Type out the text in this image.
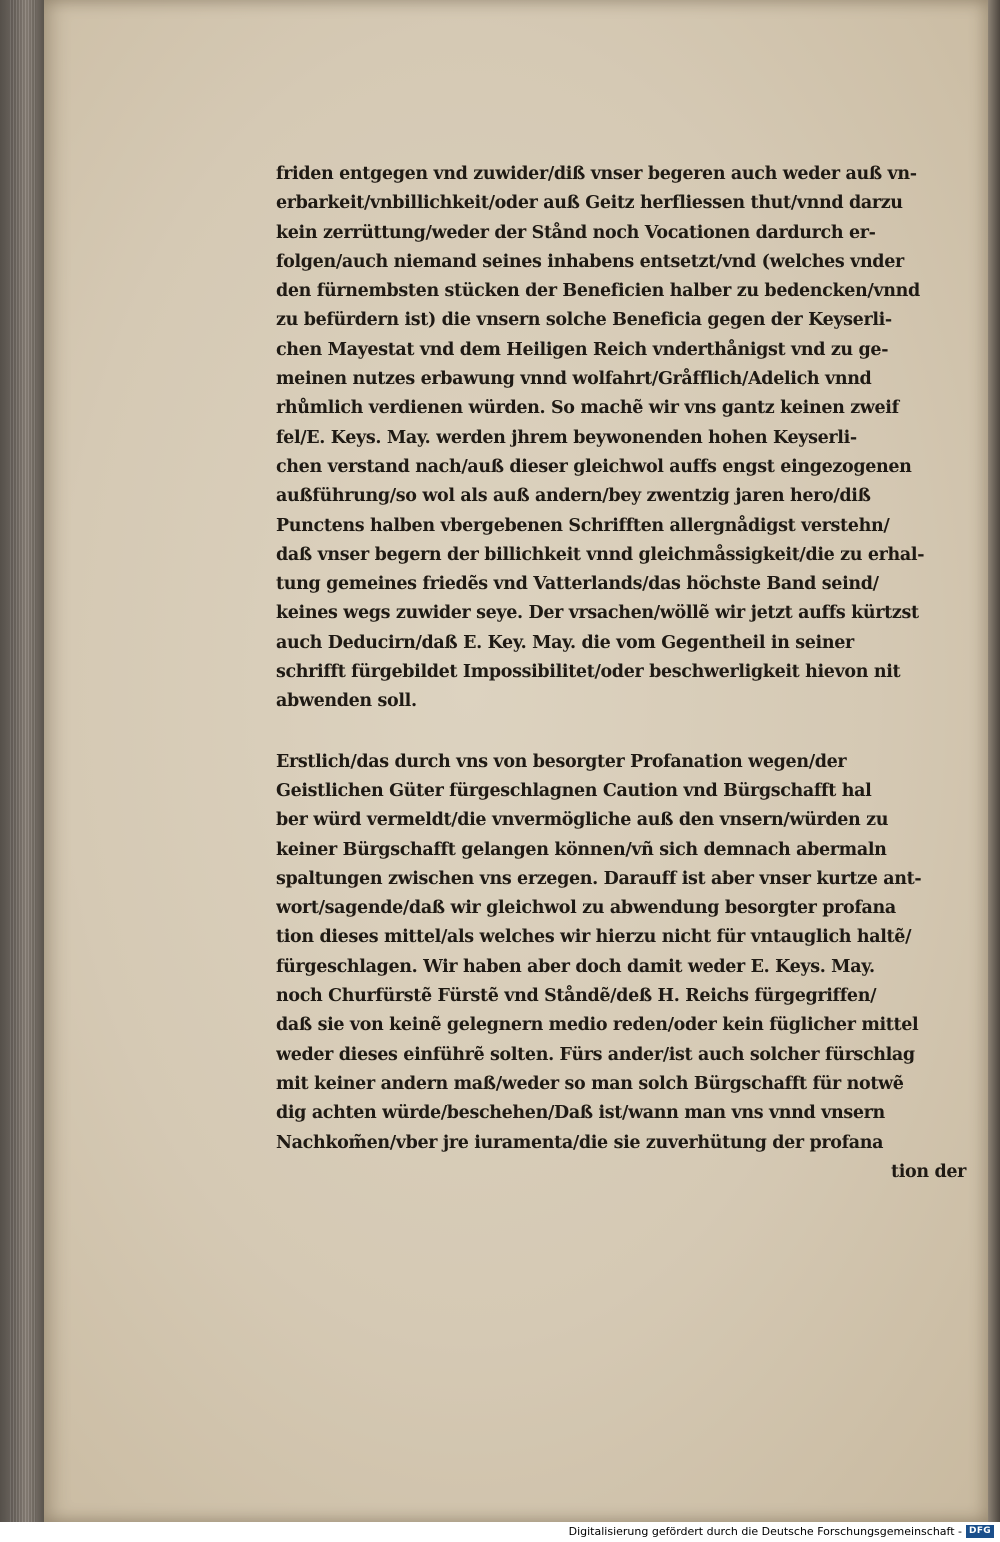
friden entgegen vnd zuwider/diß vnser begeren auch weder auß vn-
erbarkeit/vnbillichkeit/oder auß Geitz herfliessen thut/vnnd darzu
kein zerrüttung/weder der Stånd noch Vocationen dardurch er-
folgen/auch niemand seines inhabens entsetzt/vnd (welches vnder
den fürnembsten stücken der Beneficien halber zu bedencken/vnnd
zu befürdern ist) die vnsern solche Beneficia gegen der Keyserli-
chen Mayestat vnd dem Heiligen Reich vnderthånigst vnd zu ge-
meinen nutzes erbawung vnnd wolfahrt/Gråfflich/Adelich vnnd
rhůmlich verdienen würden. So machẽ wir vns gantz keinen zweif
fel/E. Keys. May. werden jhrem beywonenden hohen Keyserli-
chen verstand nach/auß dieser gleichwol auffs engst eingezogenen
außführung/so wol als auß andern/bey zwentzig jaren hero/diß
Punctens halben vbergebenen Schrifften allergnådigst verstehn/
daß vnser begern der billichkeit vnnd gleichmåssigkeit/die zu erhal-
tung gemeines friedẽs vnd Vatterlands/das höchste Band seind/
keines wegs zuwider seye. Der vrsachen/wöllẽ wir jetzt auffs kürtzst
auch Deducirn/daß E. Key. May. die vom Gegentheil in seiner
schrifft fürgebildet Impossibilitet/oder beschwerligkeit hievon nit
abwenden soll.
Erstlich/das durch vns von besorgter Profanation wegen/der
Geistlichen Güter fürgeschlagnen Caution vnd Bürgschafft hal
ber würd vermeldt/die vnvermögliche auß den vnsern/würden zu
keiner Bürgschafft gelangen können/vñ sich demnach abermaln
spaltungen zwischen vns erzegen. Darauff ist aber vnser kurtze ant-
wort/sagende/daß wir gleichwol zu abwendung besorgter profana
tion dieses mittel/als welches wir hierzu nicht für vntauglich haltẽ/
fürgeschlagen. Wir haben aber doch damit weder E. Keys. May.
noch Churfürstẽ Fürstẽ vnd Ståndẽ/deß H. Reichs fürgegriffen/
daß sie von keinẽ gelegnern medio reden/oder kein füglicher mittel
weder dieses einführẽ solten. Fürs ander/ist auch solcher fürschlag
mit keiner andern maß/weder so man solch Bürgschafft für notwẽ
dig achten würde/beschehen/Daß ist/wann man vns vnnd vnsern
Nachkom̃en/vber jre iuramenta/die sie zuverhütung der profana
tion der
Digitalisierung gefördert durch die Deutsche Forschungsgemeinschaft - DFG
